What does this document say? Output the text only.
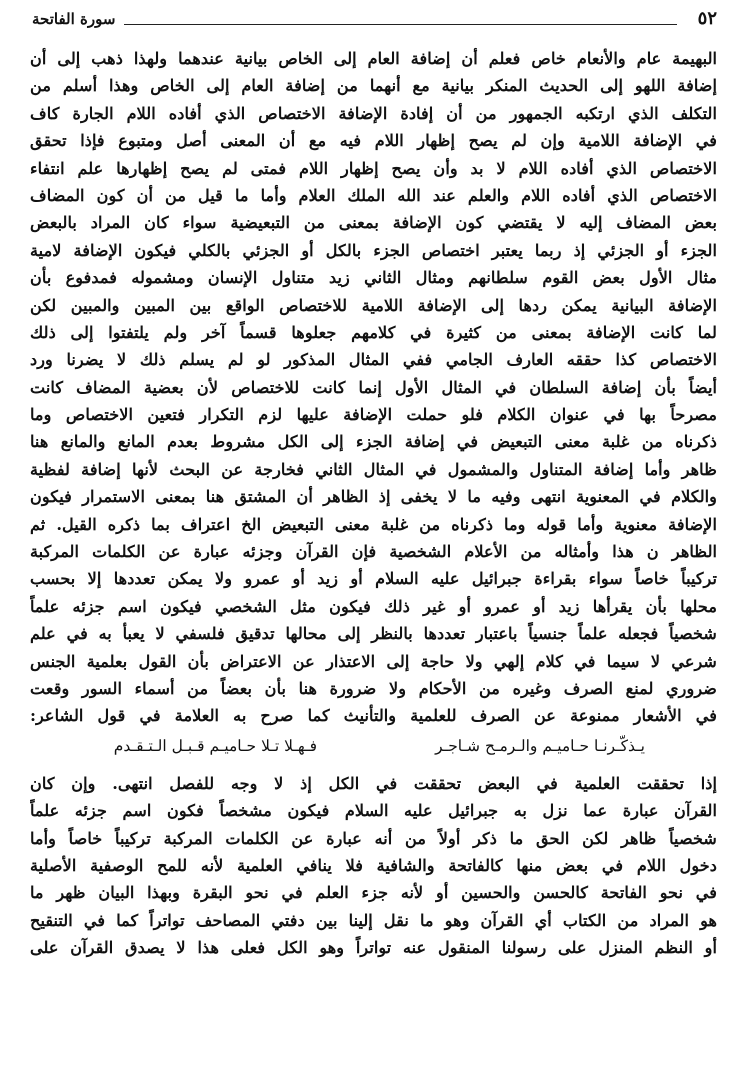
٥٢
سورة الفاتحة
البهيمة عام والأنعام خاص فعلم أن إضافة العام إلى الخاص بيانية عندهما ولهذا ذهب إلى أن
إضافة اللهو إلى الحديث المنكر بيانية مع أنهما من إضافة العام إلى الخاص وهذا أسلم من
التكلف الذي ارتكبه الجمهور من أن إفادة الإضافة الاختصاص الذي أفاده اللام الجارة كاف
في الإضافة اللامية وإن لم يصح إظهار اللام فيه مع أن المعنى أصل ومتبوع فإذا تحقق
الاختصاص الذي أفاده اللام لا بد وأن يصح إظهار اللام فمتى لم يصح إظهارها علم انتفاء
الاختصاص الذي أفاده اللام والعلم عند الله الملك العلام وأما ما قيل من أن كون المضاف
بعض المضاف إليه لا يقتضي كون الإضافة بمعنى من التبعيضية سواء كان المراد بالبعض
الجزء أو الجزئي إذ ربما يعتبر اختصاص الجزء بالكل أو الجزئي بالكلي فيكون الإضافة لامية
مثال الأول بعض القوم سلطانهم ومثال الثاني زيد متناول الإنسان ومشموله فمدفوع بأن
الإضافة البيانية يمكن ردها إلى الإضافة اللامية للاختصاص الواقع بين المبين والمبين لكن
لما كانت الإضافة بمعنى من كثيرة في كلامهم جعلوها قسماً آخر ولم يلتفتوا إلى ذلك
الاختصاص كذا حققه العارف الجامي ففي المثال المذكور لو لم يسلم ذلك لا يضرنا ورد
أيضاً بأن إضافة السلطان في المثال الأول إنما كانت للاختصاص لأن بعضية المضاف كانت
مصرحاً بها في عنوان الكلام فلو حملت الإضافة عليها لزم التكرار فتعين الاختصاص وما
ذكرناه من غلبة معنى التبعيض في إضافة الجزء إلى الكل مشروط بعدم المانع والمانع هنا
ظاهر وأما إضافة المتناول والمشمول في المثال الثاني فخارجة عن البحث لأنها إضافة لفظية
والكلام في المعنوية انتهى وفيه ما لا يخفى إذ الظاهر أن المشتق هنا بمعنى الاستمرار فيكون
الإضافة معنوية وأما قوله وما ذكرناه من غلبة معنى التبعيض الخ اعتراف بما ذكره القيل. ثم
الظاهر ن هذا وأمثاله من الأعلام الشخصية فإن القرآن وجزئه عبارة عن الكلمات المركبة
تركيباً خاصاً سواء بقراءة جبرائيل عليه السلام أو زيد أو عمرو ولا يمكن تعددها إلا بحسب
محلها بأن يقرأها زيد أو عمرو أو غير ذلك فيكون مثل الشخصي فيكون اسم جزئه علماً
شخصياً فجعله علماً جنسياً باعتبار تعددها بالنظر إلى محالها تدقيق فلسفي لا يعبأ به في علم
شرعي لا سيما في كلام إلهي ولا حاجة إلى الاعتذار عن الاعتراض بأن القول بعلمية الجنس
ضروري لمنع الصرف وغيره من الأحكام ولا ضرورة هنا بأن بعضاً من أسماء السور وقعت
في الأشعار ممنوعة عن الصرف للعلمية والتأنيث كما صرح به العلامة في قول الشاعر:
يـذكّـرنـا حـاميـم والـرمـح شـاجـر
فـهـلا تـلا حـاميـم قـبـل الـتـقـدم
إذا تحققت العلمية في البعض تحققت في الكل إذ لا وجه للفصل انتهى. وإن كان
القرآن عبارة عما نزل به جبرائيل عليه السلام فيكون مشخصاً فكون اسم جزئه علماً
شخصياً ظاهر لكن الحق ما ذكر أولاً من أنه عبارة عن الكلمات المركبة تركيباً خاصاً وأما
دخول اللام في بعض منها كالفاتحة والشافية فلا ينافي العلمية لأنه للمح الوصفية الأصلية
في نحو الفاتحة كالحسن والحسين أو لأنه جزء العلم في نحو البقرة وبهذا البيان ظهر ما
هو المراد من الكتاب أي القرآن وهو ما نقل إلينا بين دفتي المصاحف تواتراً كما في التنقيح
أو النظم المنزل على رسولنا المنقول عنه تواتراً وهو الكل فعلى هذا لا يصدق القرآن على
